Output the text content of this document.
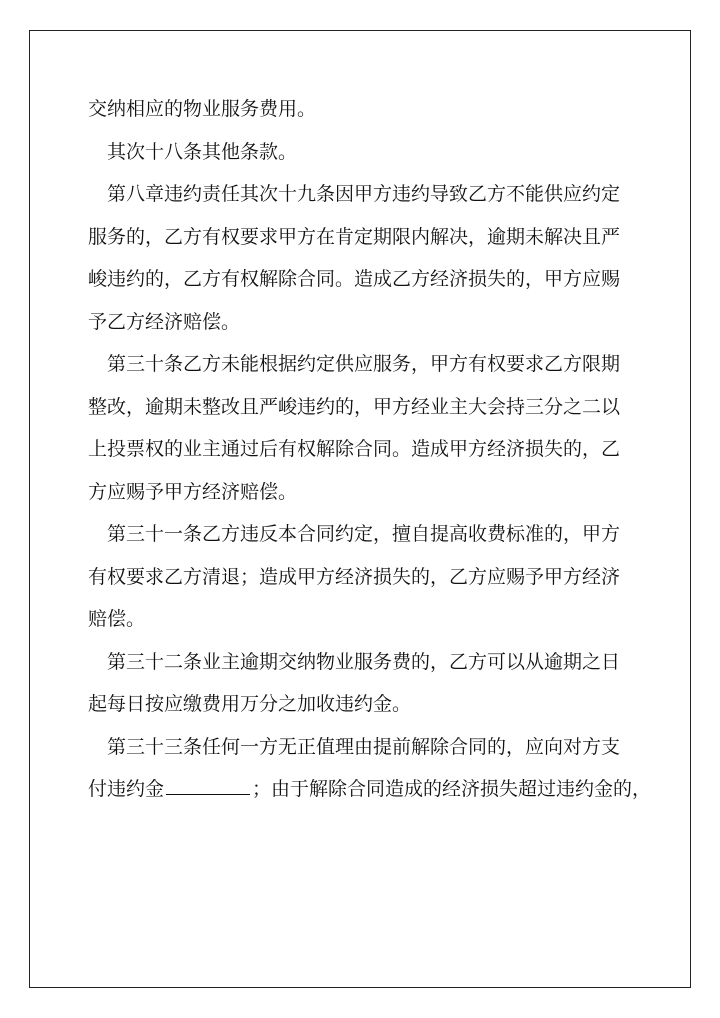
交纳相应的物业服务费用。
其次十八条其他条款。
第八章违约责任其次十九条因甲方违约导致乙方不能供应约定
服务的，乙方有权要求甲方在肯定期限内解决，逾期未解决且严
峻违约的，乙方有权解除合同。造成乙方经济损失的，甲方应赐
予乙方经济赔偿。
第三十条乙方未能根据约定供应服务，甲方有权要求乙方限期
整改，逾期未整改且严峻违约的，甲方经业主大会持三分之二以
上投票权的业主通过后有权解除合同。造成甲方经济损失的，乙
方应赐予甲方经济赔偿。
第三十一条乙方违反本合同约定，擅自提高收费标准的，甲方
有权要求乙方清退；造成甲方经济损失的，乙方应赐予甲方经济
赔偿。
第三十二条业主逾期交纳物业服务费的，乙方可以从逾期之日
起每日按应缴费用万分之加收违约金。
第三十三条任何一方无正值理由提前解除合同的，应向对方支
付违约金	；由于解除合同造成的经济损失超过违约金的，
